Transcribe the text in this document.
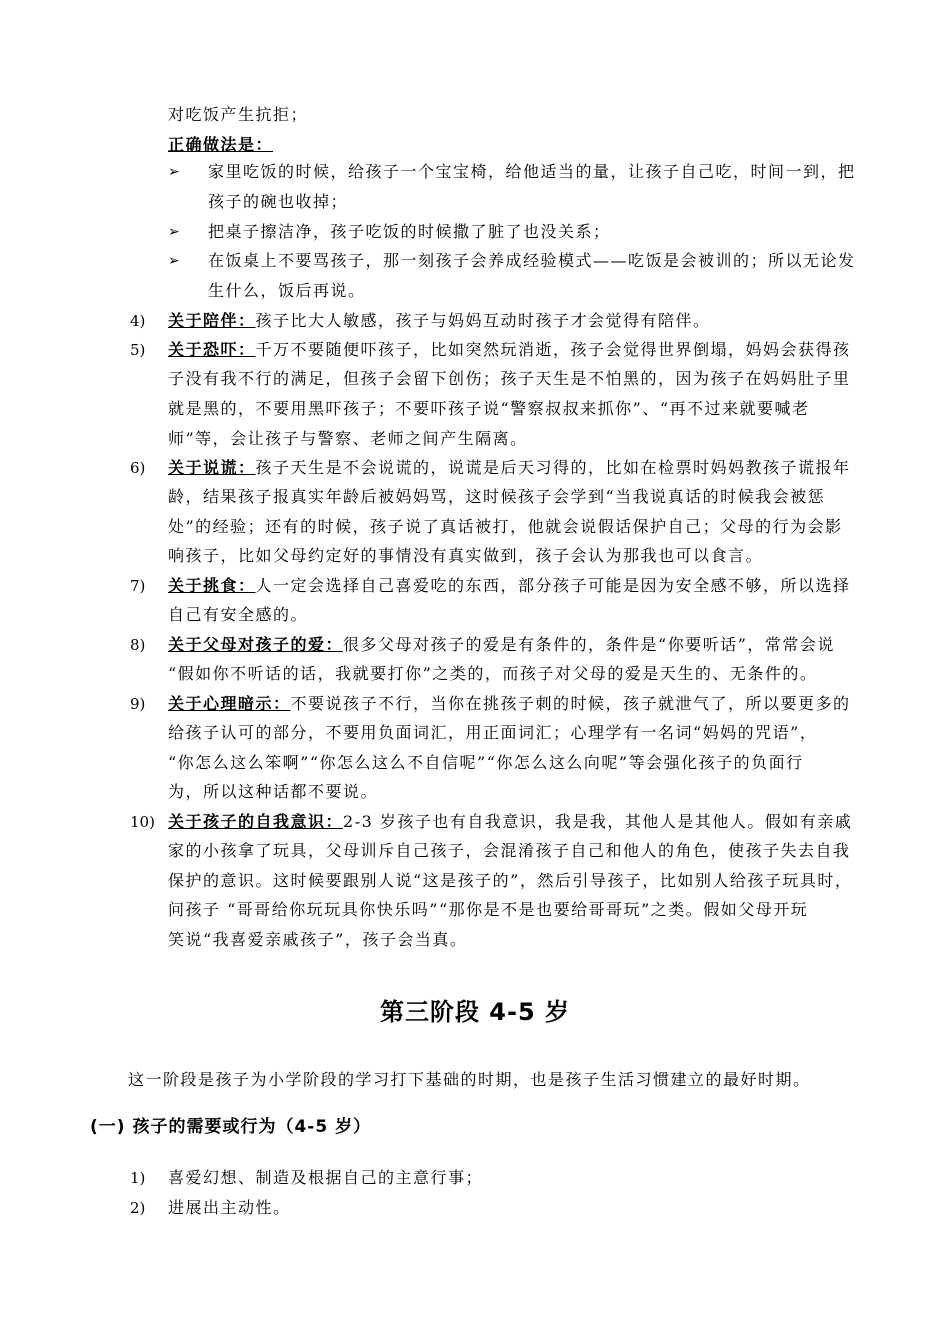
对吃饭产生抗拒；
正确做法是：
➢ 家里吃饭的时候，给孩子一个宝宝椅，给他适当的量，让孩子自己吃，时间一到，把
孩子的碗也收掉；
➢ 把桌子擦洁净，孩子吃饭的时候撒了脏了也没关系；
➢ 在饭桌上不要骂孩子，那一刻孩子会养成经验模式——吃饭是会被训的；所以无论发
生什么，饭后再说。
4) 关于陪伴：孩子比大人敏感，孩子与妈妈互动时孩子才会觉得有陪伴。
5) 关于恐吓：千万不要随便吓孩子，比如突然玩消逝，孩子会觉得世界倒塌，妈妈会获得孩
子没有我不行的满足，但孩子会留下创伤；孩子天生是不怕黑的，因为孩子在妈妈肚子里
就是黑的，不要用黑吓孩子；不要吓孩子说“警察叔叔来抓你”、“再不过来就要喊老
师”等，会让孩子与警察、老师之间产生隔离。
6) 关于说谎：孩子天生是不会说谎的，说谎是后天习得的，比如在检票时妈妈教孩子谎报年
龄，结果孩子报真实年龄后被妈妈骂，这时候孩子会学到“当我说真话的时候我会被惩
处”的经验；还有的时候，孩子说了真话被打，他就会说假话保护自己；父母的行为会影
响孩子，比如父母约定好的事情没有真实做到，孩子会认为那我也可以食言。
7) 关于挑食：人一定会选择自己喜爱吃的东西，部分孩子可能是因为安全感不够，所以选择
自己有安全感的。
8) 关于父母对孩子的爱：很多父母对孩子的爱是有条件的，条件是“你要听话”，常常会说
“假如你不听话的话，我就要打你”之类的，而孩子对父母的爱是天生的、无条件的。
9) 关于心理暗示：不要说孩子不行，当你在挑孩子刺的时候，孩子就泄气了，所以要更多的
给孩子认可的部分，不要用负面词汇，用正面词汇；心理学有一名词“妈妈的咒语”，
“你怎么这么笨啊”“你怎么这么不自信呢”“你怎么这么向呢”等会强化孩子的负面行
为，所以这种话都不要说。
10) 关于孩子的自我意识：2-3 岁孩子也有自我意识，我是我，其他人是其他人。假如有亲戚
家的小孩拿了玩具，父母训斥自己孩子，会混淆孩子自己和他人的角色，使孩子失去自我
保护的意识。这时候要跟别人说“这是孩子的”，然后引导孩子，比如别人给孩子玩具时，
问孩子 “哥哥给你玩玩具你快乐吗”“那你是不是也要给哥哥玩”之类。假如父母开玩
笑说“我喜爱亲戚孩子”，孩子会当真。
第三阶段 4-5 岁
这一阶段是孩子为小学阶段的学习打下基础的时期，也是孩子生活习惯建立的最好时期。
(一) 孩子的需要或行为（4-5 岁）
1) 喜爱幻想、制造及根据自己的主意行事；
2) 进展出主动性。
